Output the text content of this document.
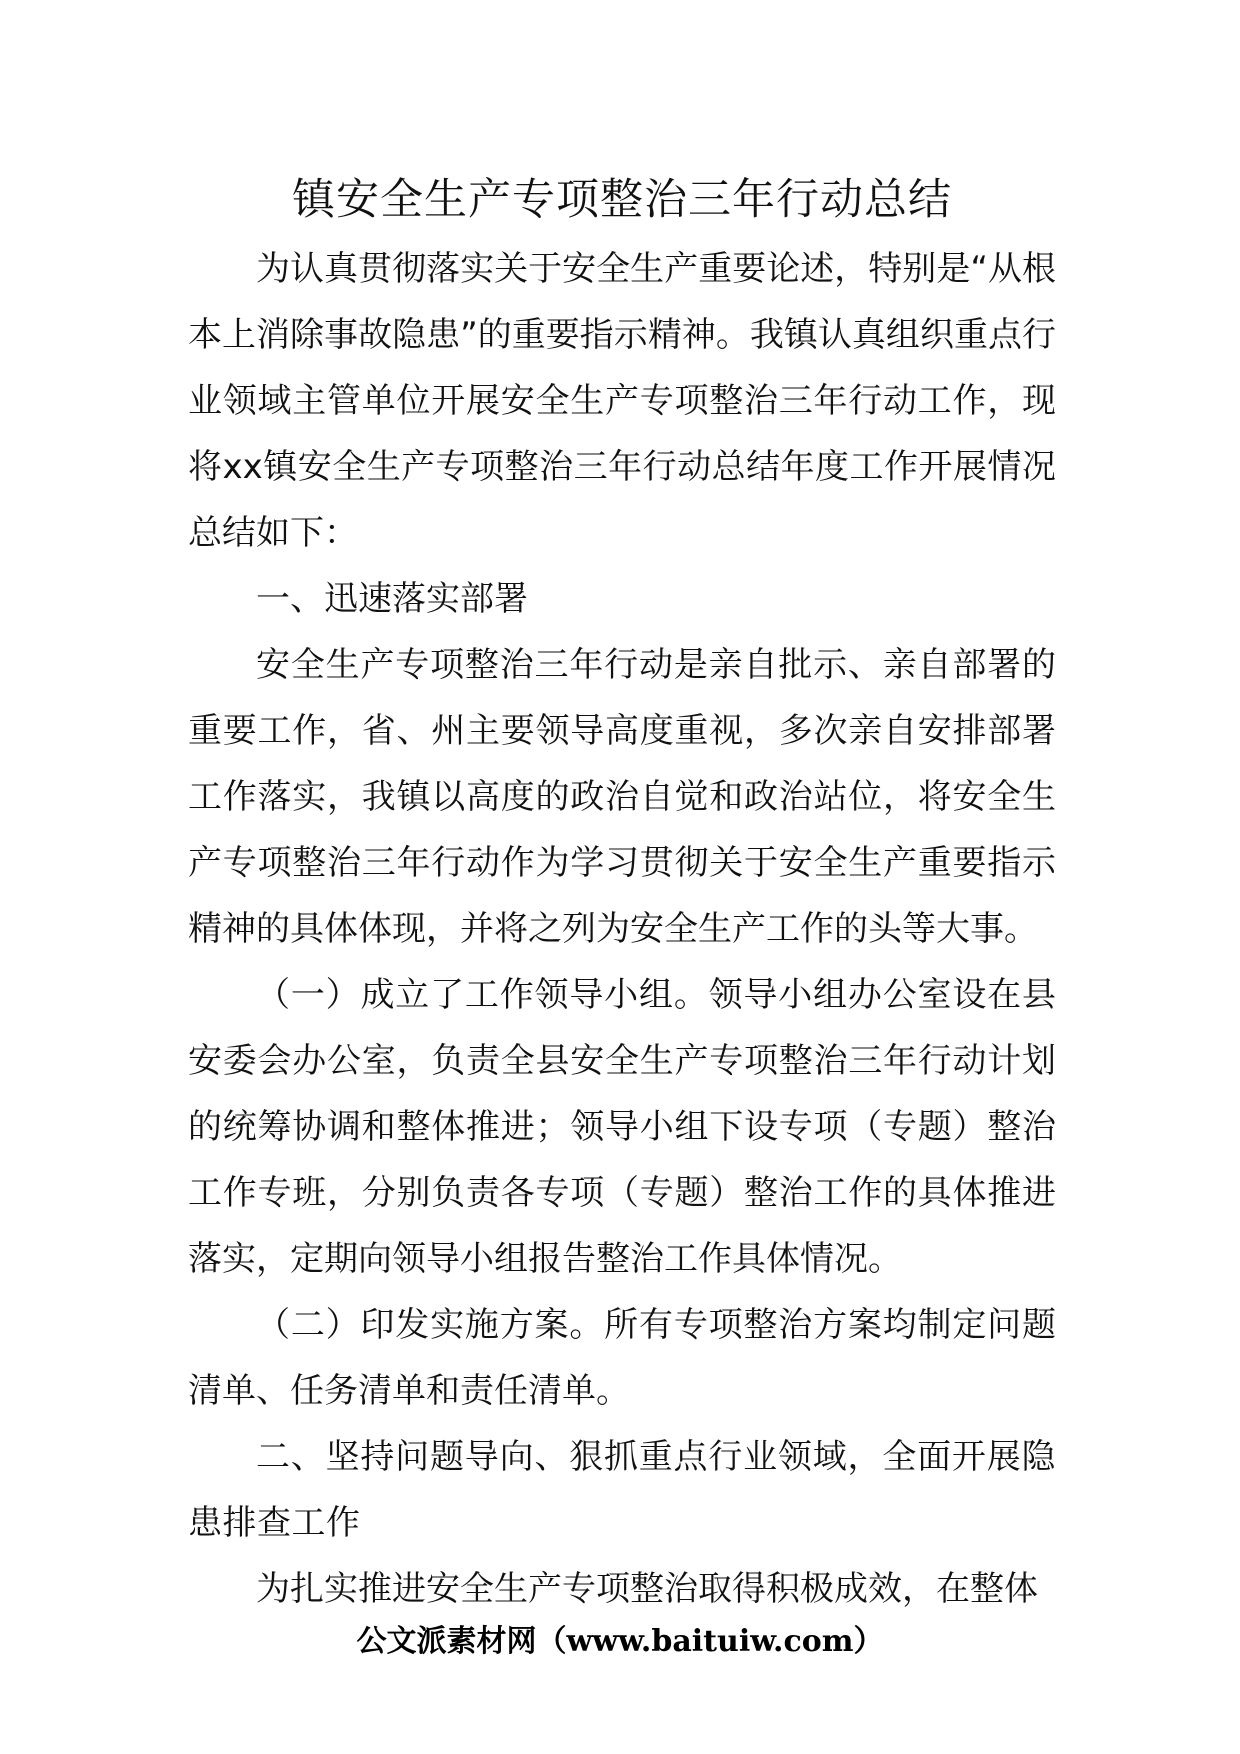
镇安全生产专项整治三年行动总结

为认真贯彻落实关于安全生产重要论述，特别是“从根本上消除事故隐患”的重要指示精神。我镇认真组织重点行业领域主管单位开展安全生产专项整治三年行动工作，现将xx镇安全生产专项整治三年行动总结年度工作开展情况总结如下：

一、迅速落实部署

安全生产专项整治三年行动是亲自批示、亲自部署的重要工作，省、州主要领导高度重视，多次亲自安排部署工作落实，我镇以高度的政治自觉和政治站位，将安全生产专项整治三年行动作为学习贯彻关于安全生产重要指示精神的具体体现，并将之列为安全生产工作的头等大事。

（一）成立了工作领导小组。领导小组办公室设在县安委会办公室，负责全县安全生产专项整治三年行动计划的统筹协调和整体推进；领导小组下设专项（专题）整治工作专班，分别负责各专项（专题）整治工作的具体推进落实，定期向领导小组报告整治工作具体情况。

（二）印发实施方案。所有专项整治方案均制定问题清单、任务清单和责任清单。

二、坚持问题导向、狠抓重点行业领域，全面开展隐患排查工作

为扎实推进安全生产专项整治取得积极成效，在整体

公文派素材网（www.baituiw.com）
